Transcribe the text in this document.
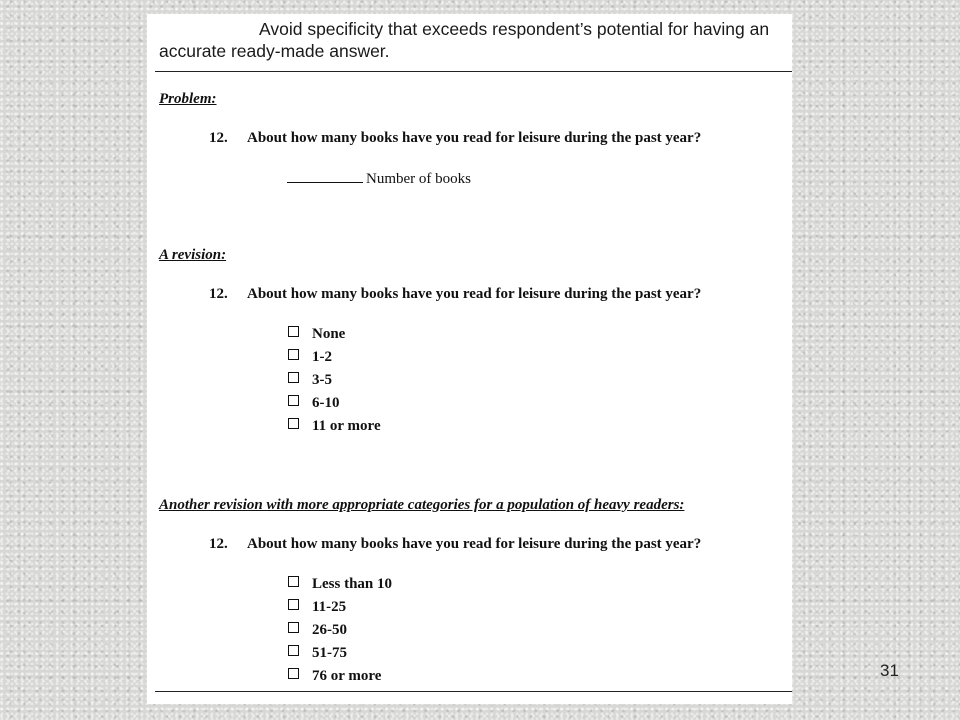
Avoid specificity that exceeds respondent’s potential for having an
accurate ready-made answer.
Problem:
12. About how many books have you read for leisure during the past year?
Number of books
A revision:
12. About how many books have you read for leisure during the past year?
None
1-2
3-5
6-10
11 or more
Another revision with more appropriate categories for a population of heavy readers:
12. About how many books have you read for leisure during the past year?
Less than 10
11-25
26-50
51-75
76 or more	31
